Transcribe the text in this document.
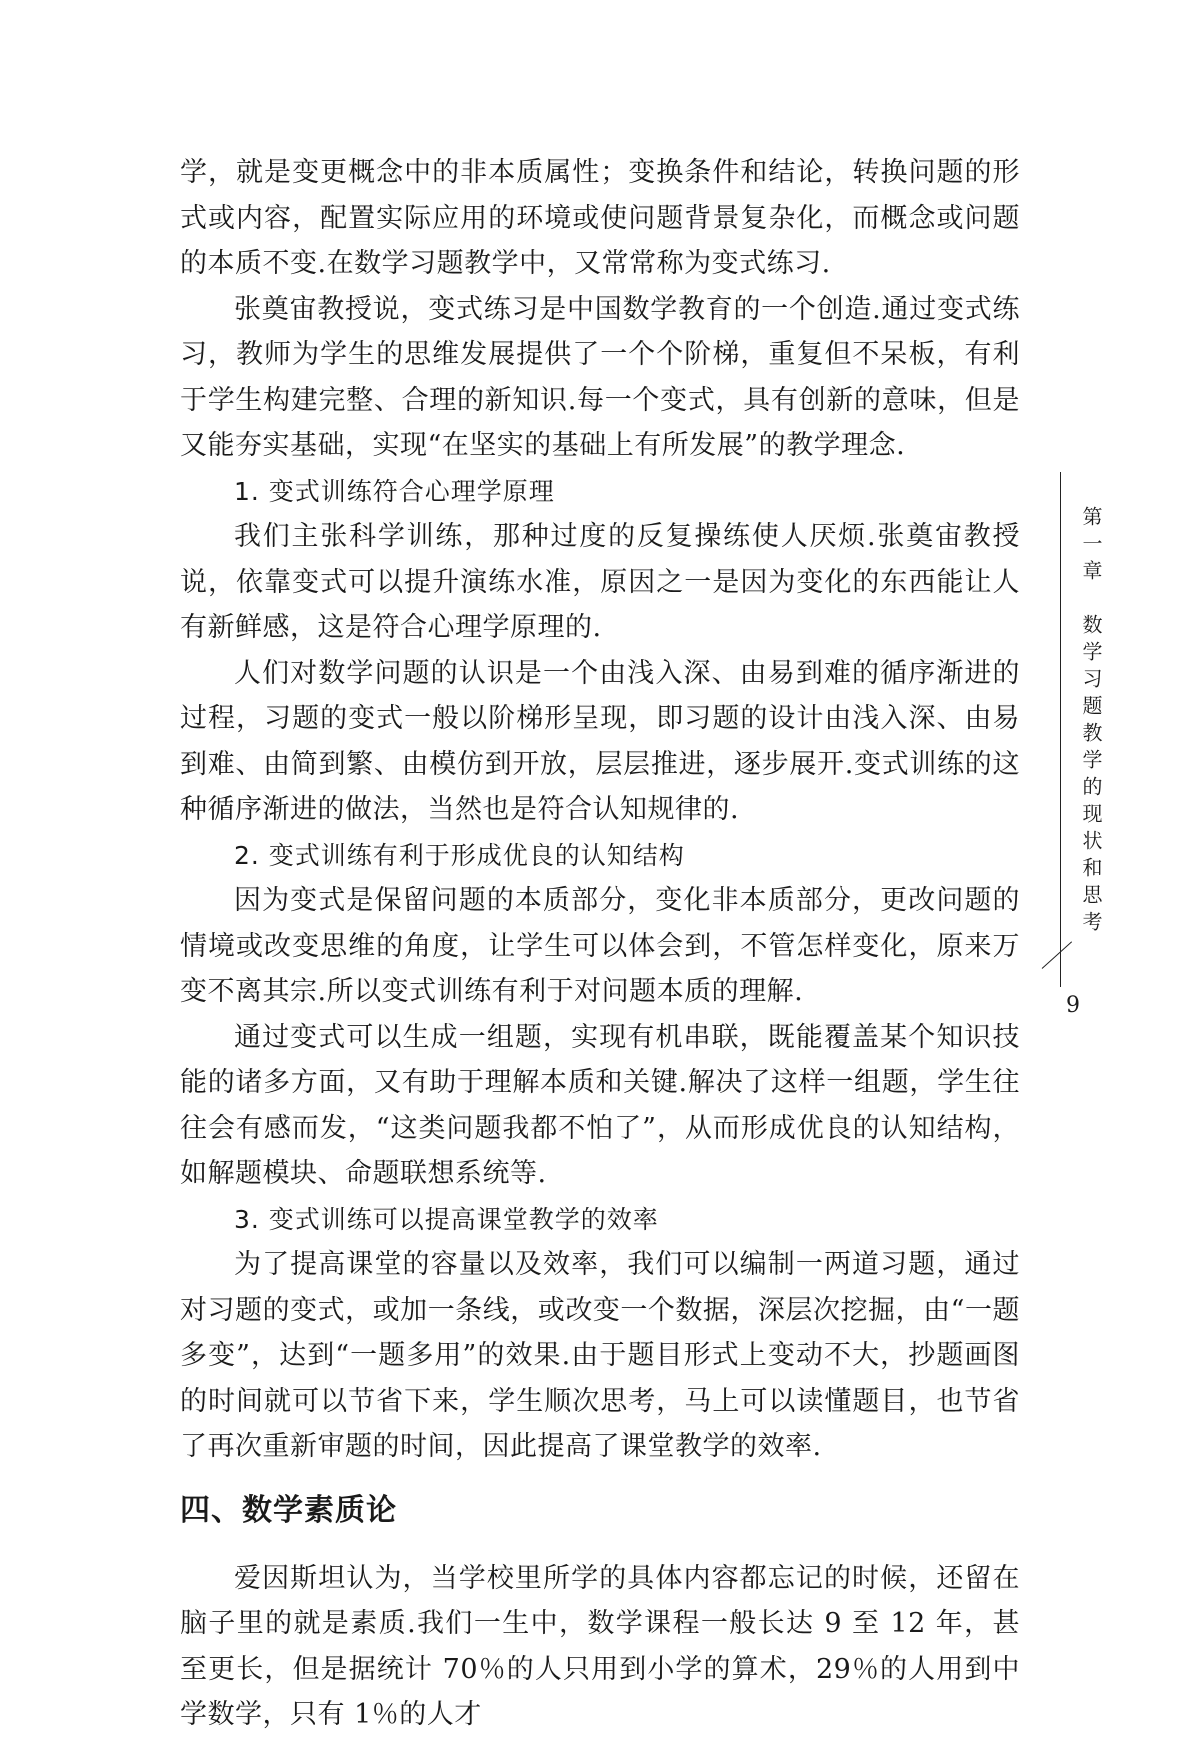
学，就是变更概念中的非本质属性；变换条件和结论，转换问题的形式或内容，配置实际应用的环境或使问题背景复杂化，而概念或问题的本质不变.在数学习题教学中，又常常称为变式练习.

张奠宙教授说，变式练习是中国数学教育的一个创造.通过变式练习，教师为学生的思维发展提供了一个个阶梯，重复但不呆板，有利于学生构建完整、合理的新知识.每一个变式，具有创新的意味，但是又能夯实基础，实现“在坚实的基础上有所发展”的教学理念.

1. 变式训练符合心理学原理

我们主张科学训练，那种过度的反复操练使人厌烦.张奠宙教授说，依靠变式可以提升演练水准，原因之一是因为变化的东西能让人有新鲜感，这是符合心理学原理的.

人们对数学问题的认识是一个由浅入深、由易到难的循序渐进的过程，习题的变式一般以阶梯形呈现，即习题的设计由浅入深、由易到难、由简到繁、由模仿到开放，层层推进，逐步展开.变式训练的这种循序渐进的做法，当然也是符合认知规律的.

2. 变式训练有利于形成优良的认知结构

因为变式是保留问题的本质部分，变化非本质部分，更改问题的情境或改变思维的角度，让学生可以体会到，不管怎样变化，原来万变不离其宗.所以变式训练有利于对问题本质的理解.

通过变式可以生成一组题，实现有机串联，既能覆盖某个知识技能的诸多方面，又有助于理解本质和关键.解决了这样一组题，学生往往会有感而发，“这类问题我都不怕了”，从而形成优良的认知结构，如解题模块、命题联想系统等.

3. 变式训练可以提高课堂教学的效率

为了提高课堂的容量以及效率，我们可以编制一两道习题，通过对习题的变式，或加一条线，或改变一个数据，深层次挖掘，由“一题多变”，达到“一题多用”的效果.由于题目形式上变动不大，抄题画图的时间就可以节省下来，学生顺次思考，马上可以读懂题目，也节省了再次重新审题的时间，因此提高了课堂教学的效率.

四、数学素质论

爱因斯坦认为，当学校里所学的具体内容都忘记的时候，还留在脑子里的就是素质.我们一生中，数学课程一般长达 9 至 12 年，甚至更长，但是据统计 70％的人只用到小学的算术，29％的人用到中学数学，只有 1％的人才

第一章　数学习题教学的现状和思考
9
